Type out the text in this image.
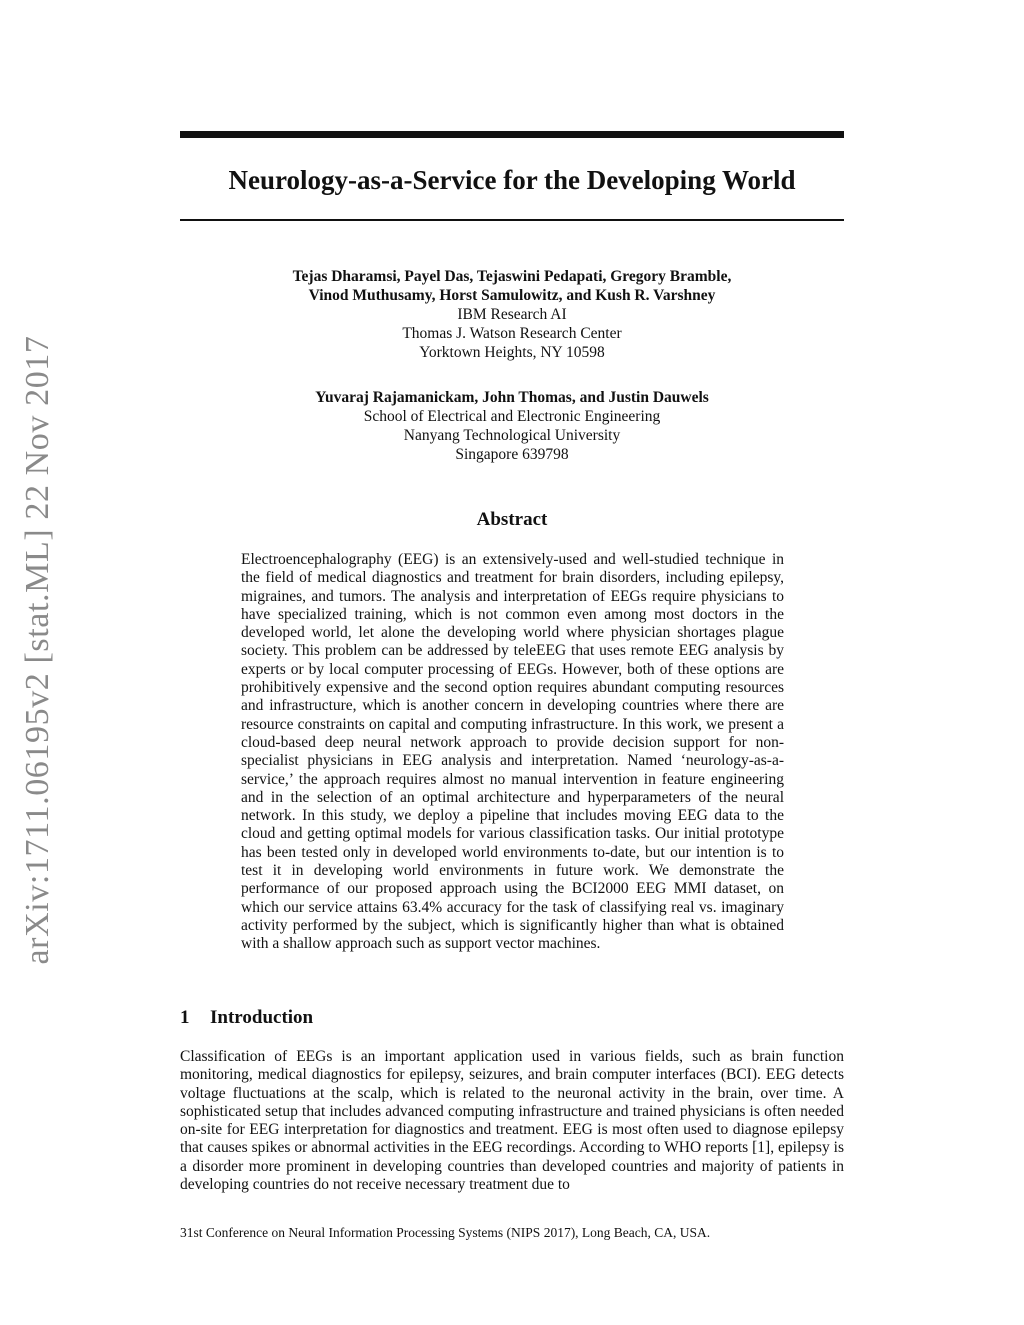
arXiv:1711.06195v2 [stat.ML] 22 Nov 2017
Neurology-as-a-Service for the Developing World
Tejas Dharamsi, Payel Das, Tejaswini Pedapati, Gregory Bramble,
Vinod Muthusamy, Horst Samulowitz, and Kush R. Varshney
IBM Research AI
Thomas J. Watson Research Center
Yorktown Heights, NY 10598
Yuvaraj Rajamanickam, John Thomas, and Justin Dauwels
School of Electrical and Electronic Engineering
Nanyang Technological University
Singapore 639798
Abstract

Electroencephalography (EEG) is an extensively-used and well-studied technique in the field of medical diagnostics and treatment for brain disorders, including epilepsy, migraines, and tumors. The analysis and interpretation of EEGs require physicians to have specialized training, which is not common even among most doctors in the developed world, let alone the developing world where physician shortages plague society. This problem can be addressed by teleEEG that uses remote EEG analysis by experts or by local computer processing of EEGs. However, both of these options are prohibitively expensive and the second option requires abundant computing resources and infrastructure, which is another concern in developing countries where there are resource constraints on capital and computing infrastructure. In this work, we present a cloud-based deep neural network approach to provide decision support for non-specialist physicians in EEG analysis and interpretation. Named ‘neurology-as-a-service,’ the approach requires almost no manual intervention in feature engineering and in the selection of an optimal architecture and hyperparameters of the neural network. In this study, we deploy a pipeline that includes moving EEG data to the cloud and getting optimal models for various classification tasks. Our initial prototype has been tested only in developed world environments to-date, but our intention is to test it in developing world environments in future work. We demonstrate the performance of our proposed approach using the BCI2000 EEG MMI dataset, on which our service attains 63.4% accuracy for the task of classifying real vs. imaginary activity performed by the subject, which is significantly higher than what is obtained with a shallow approach such as support vector machines.

1 Introduction

Classification of EEGs is an important application used in various fields, such as brain function monitoring, medical diagnostics for epilepsy, seizures, and brain computer interfaces (BCI). EEG detects voltage fluctuations at the scalp, which is related to the neuronal activity in the brain, over time. A sophisticated setup that includes advanced computing infrastructure and trained physicians is often needed on-site for EEG interpretation for diagnostics and treatment. EEG is most often used to diagnose epilepsy that causes spikes or abnormal activities in the EEG recordings. According to WHO reports [1], epilepsy is a disorder more prominent in developing countries than developed countries and majority of patients in developing countries do not receive necessary treatment due to

31st Conference on Neural Information Processing Systems (NIPS 2017), Long Beach, CA, USA.
